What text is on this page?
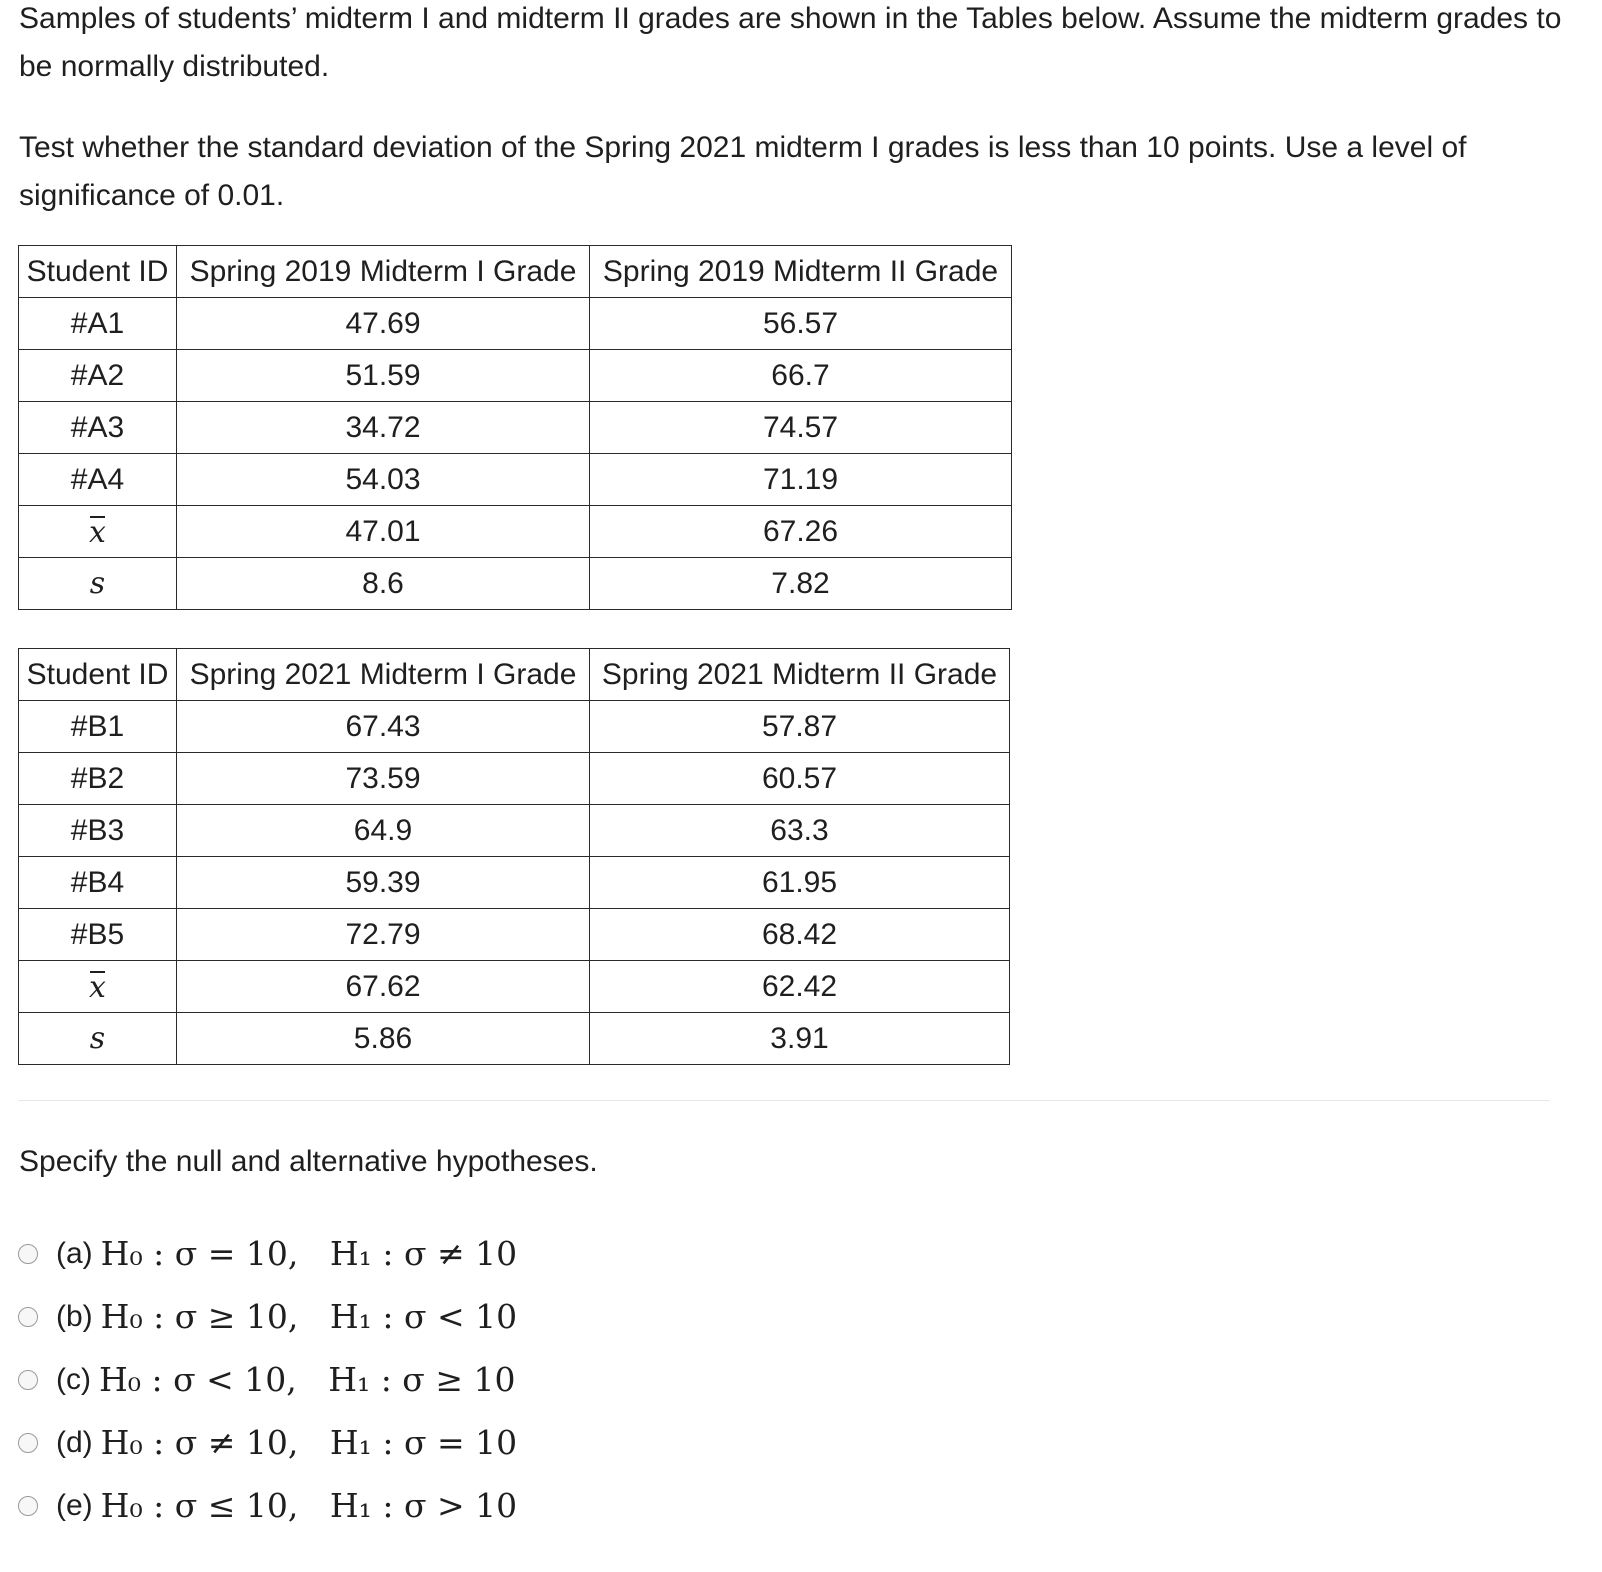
Samples of students’ midterm I and midterm II grades are shown in the Tables below. Assume the midterm grades to be normally distributed.

Test whether the standard deviation of the Spring 2021 midterm I grades is less than 10 points. Use a level of significance of 0.01.

Student ID	Spring 2019 Midterm I Grade	Spring 2019 Midterm II Grade
#A1	47.69	56.57
#A2	51.59	66.7
#A3	34.72	74.57
#A4	54.03	71.19
x	47.01	67.26
s	8.6	7.82
Student ID	Spring 2021 Midterm I Grade	Spring 2021 Midterm II Grade
#B1	67.43	57.87
#B2	73.59	60.57
#B3	64.9	63.3
#B4	59.39	61.95
#B5	72.79	68.42
x	67.62	62.42
s	5.86	3.91

Specify the null and alternative hypotheses.

(a) H₀ : σ = 10,   H₁ : σ ≠ 10
(b) H₀ : σ ≥ 10,   H₁ : σ < 10
(c) H₀ : σ < 10,   H₁ : σ ≥ 10
(d) H₀ : σ ≠ 10,   H₁ : σ = 10
(e) H₀ : σ ≤ 10,   H₁ : σ > 10
